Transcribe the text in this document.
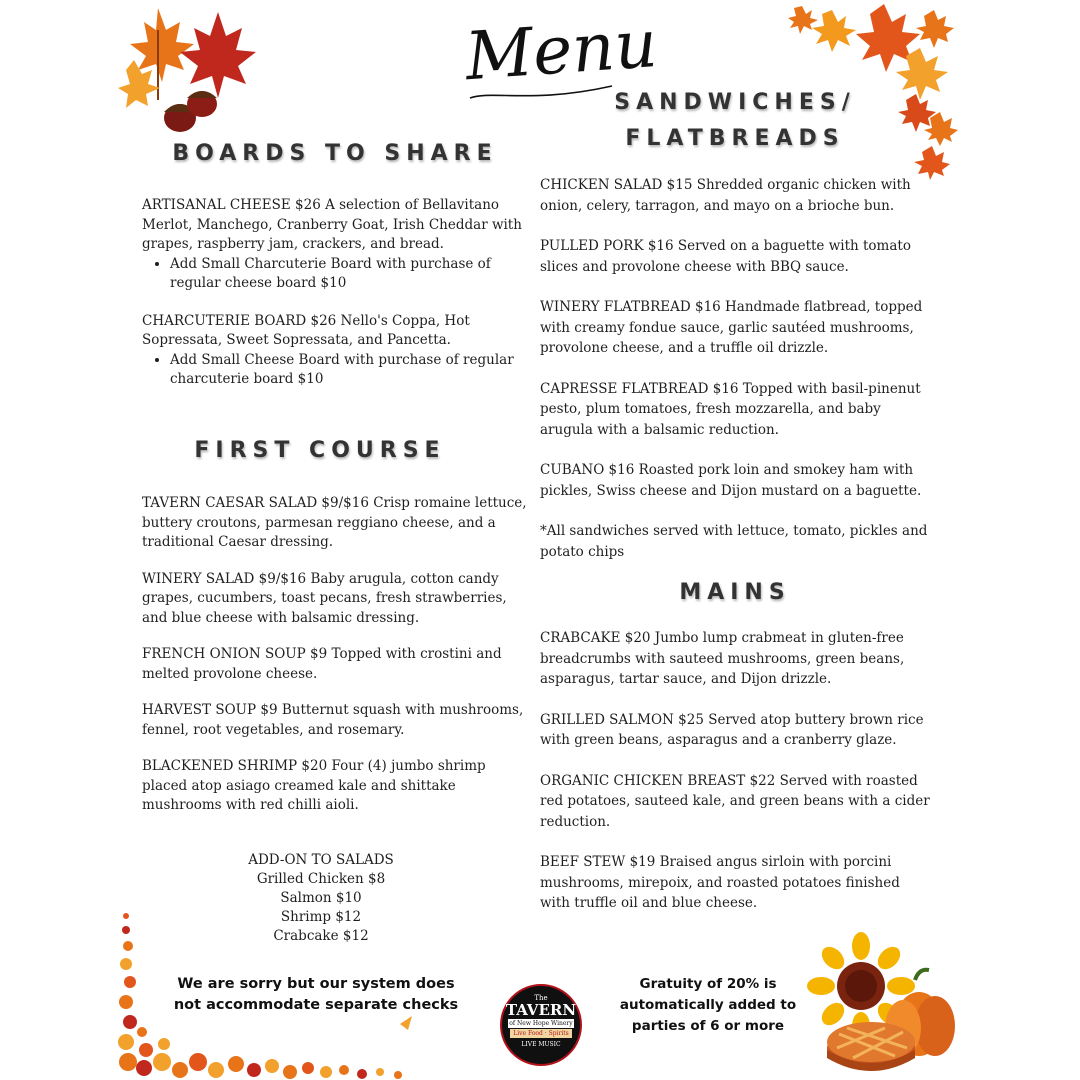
Menu
BOARDS TO SHARE
ARTISANAL CHEESE $26 A selection of Bellavitano Merlot, Manchego, Cranberry Goat, Irish Cheddar with grapes, raspberry jam, crackers, and bread.
• Add Small Charcuterie Board with purchase of regular cheese board $10
CHARCUTERIE BOARD $26 Nello's Coppa, Hot Sopressata, Sweet Sopressata, and Pancetta.
• Add Small Cheese Board with purchase of regular charcuterie board $10
FIRST COURSE
TAVERN CAESAR SALAD $9/$16 Crisp romaine lettuce, buttery croutons, parmesan reggiano cheese, and a traditional Caesar dressing.
WINERY SALAD $9/$16 Baby arugula, cotton candy grapes, cucumbers, toast pecans, fresh strawberries, and blue cheese with balsamic dressing.
FRENCH ONION SOUP $9 Topped with crostini and melted provolone cheese.
HARVEST SOUP $9 Butternut squash with mushrooms, fennel, root vegetables, and rosemary.
BLACKENED SHRIMP $20 Four (4) jumbo shrimp placed atop asiago creamed kale and shittake mushrooms with red chilli aioli.
ADD-ON TO SALADS
Grilled Chicken $8
Salmon $10
Shrimp $12
Crabcake $12
SANDWICHES/
FLATBREADS
CHICKEN SALAD $15 Shredded organic chicken with onion, celery, tarragon, and mayo on a brioche bun.
PULLED PORK $16 Served on a baguette with tomato slices and provolone cheese with BBQ sauce.
WINERY FLATBREAD $16 Handmade flatbread, topped with creamy fondue sauce, garlic sautéed mushrooms, provolone cheese, and a truffle oil drizzle.
CAPRESSE FLATBREAD $16 Topped with basil-pinenut pesto, plum tomatoes, fresh mozzarella, and baby arugula with a balsamic reduction.
CUBANO $16 Roasted pork loin and smokey ham with pickles, Swiss cheese and Dijon mustard on a baguette.
*All sandwiches served with lettuce, tomato, pickles and potato chips
MAINS
CRABCAKE $20 Jumbo lump crabmeat in gluten-free breadcrumbs with sauteed mushrooms, green beans, asparagus, tartar sauce, and Dijon drizzle.
GRILLED SALMON $25 Served atop buttery brown rice with green beans, asparagus and a cranberry glaze.
ORGANIC CHICKEN BREAST $22 Served with roasted red potatoes, sauteed kale, and green beans with a cider reduction.
BEEF STEW $19 Braised angus sirloin with porcini mushrooms, mirepoix, and roasted potatoes finished with truffle oil and blue cheese.
We are sorry but our system does not accommodate separate checks
Gratuity of 20% is automatically added to parties of 6 or more
The
TAVERN
of New Hope Winery
Live Food · Spirits
LIVE MUSIC
